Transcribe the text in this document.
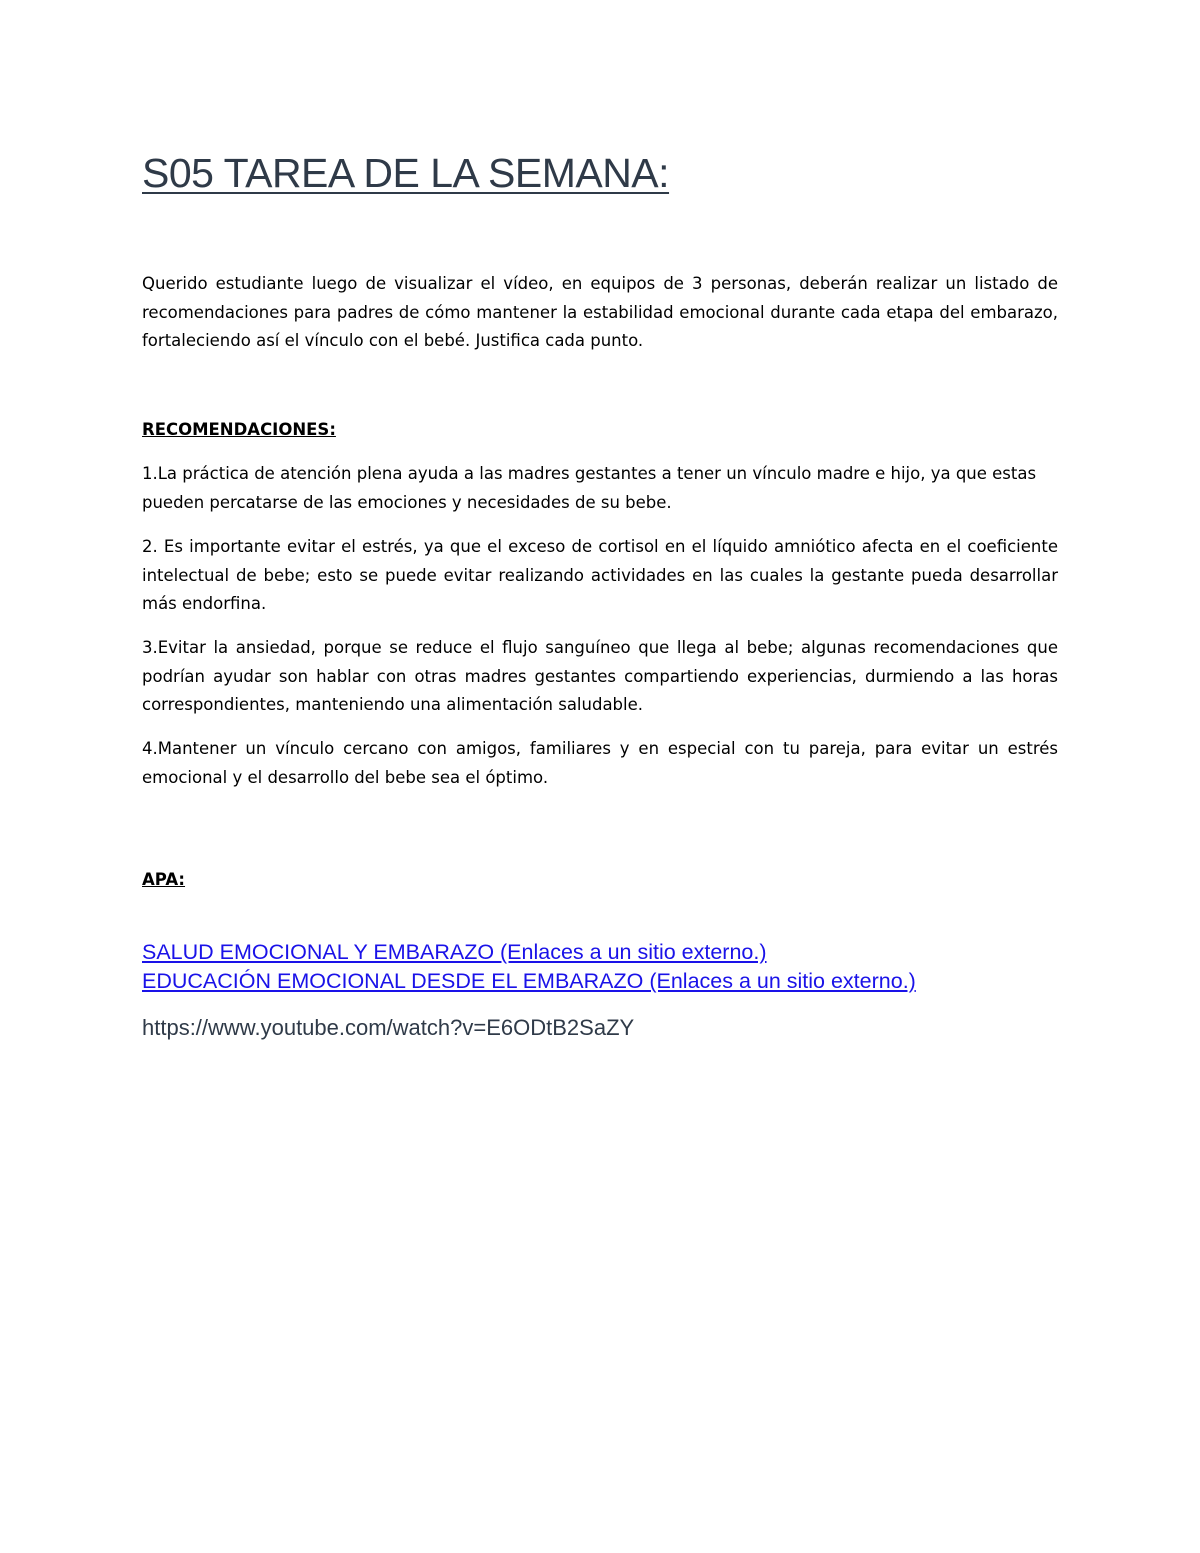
S05 TAREA DE LA SEMANA:

Querido estudiante luego de visualizar el vídeo, en equipos de 3 personas, deberán realizar un listado de recomendaciones para padres de cómo mantener la estabilidad emocional durante cada etapa del embarazo, fortaleciendo así el vínculo con el bebé. Justifica cada punto.

RECOMENDACIONES:

1.La práctica de atención plena ayuda a las madres gestantes a tener un vínculo madre e hijo, ya que estas pueden percatarse de las emociones y necesidades de su bebe.

2. Es importante evitar el estrés, ya que el exceso de cortisol en el líquido amniótico afecta en el coeficiente intelectual de bebe; esto se puede evitar realizando actividades en las cuales la gestante pueda desarrollar más endorfina.

3.Evitar la ansiedad, porque se reduce el flujo sanguíneo que llega al bebe; algunas recomendaciones que podrían ayudar son hablar con otras madres gestantes compartiendo experiencias, durmiendo a las horas correspondientes, manteniendo una alimentación saludable.

4.Mantener un vínculo cercano con amigos, familiares y en especial con tu pareja, para evitar un estrés emocional y el desarrollo del bebe sea el óptimo.

APA:

SALUD EMOCIONAL Y EMBARAZO (Enlaces a un sitio externo.)
EDUCACIÓN EMOCIONAL DESDE EL EMBARAZO (Enlaces a un sitio externo.)

https://www.youtube.com/watch?v=E6ODtB2SaZY
